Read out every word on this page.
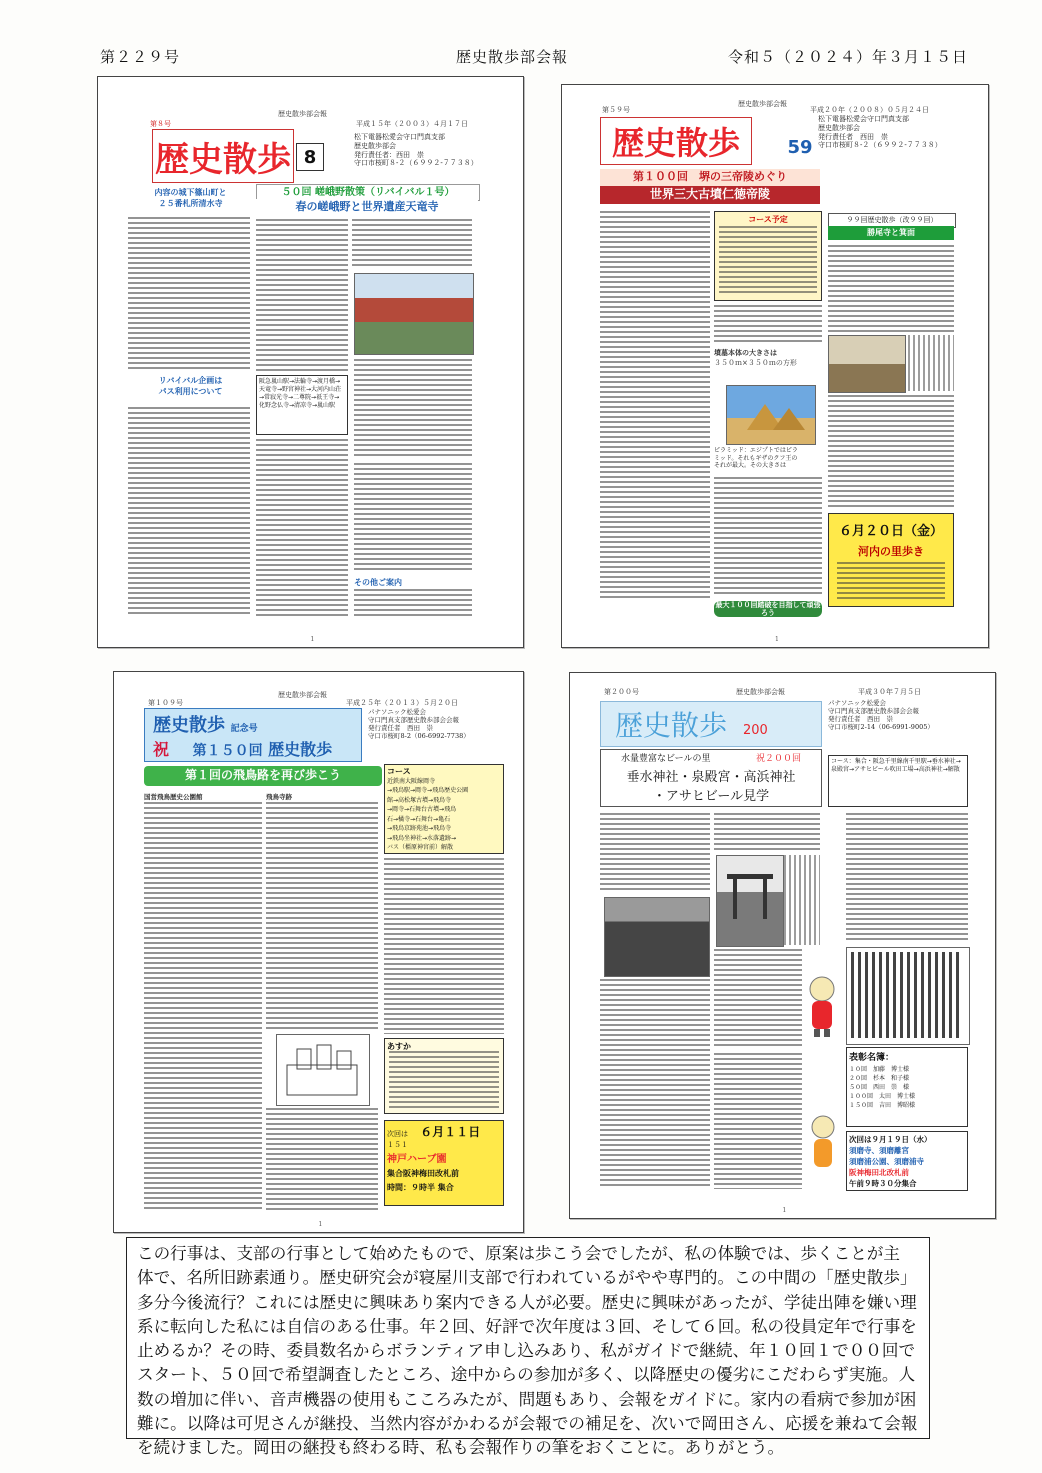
第２２９号	歴史散歩部会報	令和５（２０２４）年３月１５日
歴史散歩部会報
第８号	平成１５年（２００３）４月１７日
歴史散歩 8
松下電器松愛会守口門真支部
歴史散歩部会
発行責任者：西田　崇
守口市桜町８-２（６９９２-７７３８）
内容の城下篠山町と
２５番札所清水寺
５０回 嵯峨野散策（リバイバル１号）
春の嵯峨野と世界遺産天竜寺
リバイバル企画は
パス利用について
阪急嵐山駅→法輪寺→渡月橋→天竜寺→野宮神社→大河内山荘→常寂光寺→二尊院→祇王寺→化野念仏寺→清凉寺→嵐山駅
その他ご案内
1
歴史散歩部会報
第５９号	平成２０年（２００８）０５月２４日
歴史散歩	59
松下電器松愛会守口門真支部
歴史散歩部会
発行責任者　西田　崇
守口市桜町８-２（６９９２-７７３８）
第１００回　堺の三帝陵めぐり
世界三大古墳仁徳帝陵
コース予定
墳墓本体の大きさは
３５０ｍ×３５０ｍの方形
ピラミッド：エジプトではピラ
ミッド。それもギザのクフ王の
それが最大。その大きさは
最大１００回踏破を目指して頑張ろう
９９回歴史散歩（改９９回）
勝尾寺と箕面
６月２０日（金）
河内の里歩き
1
歴史散歩部会報
第１０９号	平成２５年（２０１３）５月２０日
歴史散歩 記念号
祝 第１５０回 歴史散歩
パナソニック松愛会
守口門真支部歴史散歩部会会報
発行責任者　西田　崇
守口市桜町8-2（06-6992-7738）
第１回の飛鳥路を再び歩こう	コース
近鉄南大阪線岡寺
→飛鳥駅→岡寺→飛鳥歴史公園
館→高松塚古墳→飛鳥寺
→岡寺→石舞台古墳→飛鳥
石→橘寺→石舞台→亀石
→飛鳥京跡苑池→飛鳥寺
→飛鳥坐神社→水落遺跡→
バス（橿原神宮前）解散
国営飛鳥歴史公園館	飛鳥寺跡
あすか
次回は ６月１１日
１５１
神戸ハーブ園
集合阪神梅田改札前
時間：９時半 集合
1
歴史散歩部会報
第２００号	平成３０年７月５日
歴史散歩 200
パナソニック松愛会
守口門真支部歴史散歩部会会報
発行責任者　西田　崇
守口市桜町2-14（06-6991-9005）
水量豊富なビールの里	祝２００回
垂水神社・泉殿宮・高浜神社
・アサヒビール見学
コース：集合・阪急千里線南千里駅→垂水神社→泉殿宮→アサヒビール吹田工場→高浜神社→解散
表彰名簿：
１０回　加藤　博士様
２０回　杉本　和子様
５０回　西田　崇　様
１００回　太田　博士様
１５０回　吉田　博昭様
次回は９月１９日（水）
須磨寺、須磨離宮
須磨浦公園、須磨浦寺
阪神梅田北改札前
午前９時３０分集合
1
この行事は、支部の行事として始めたもので、原案は歩こう会でしたが、私の体験では、歩くことが主
体で、名所旧跡素通り。歴史研究会が寝屋川支部で行われているがやや専門的。この中間の「歴史散歩」
多分今後流行？これには歴史に興味あり案内できる人が必要。歴史に興味があったが、学徒出陣を嫌い理
系に転向した私には自信のある仕事。年２回、好評で次年度は３回、そして６回。私の役員定年で行事を
止めるか？その時、委員数名からボランティア申し込みあり、私がガイドで継続、年１０回１で００回で
スタート、５０回で希望調査したところ、途中からの参加が多く、以降歴史の優劣にこだわらず実施。人
数の増加に伴い、音声機器の使用もこころみたが、問題もあり、会報をガイドに。家内の看病で参加が困
難に。以降は可児さんが継投、当然内容がかわるが会報での補足を、次いで岡田さん、応援を兼ねて会報
を続けました。岡田の継投も終わる時、私も会報作りの筆をおくことに。ありがとう。
